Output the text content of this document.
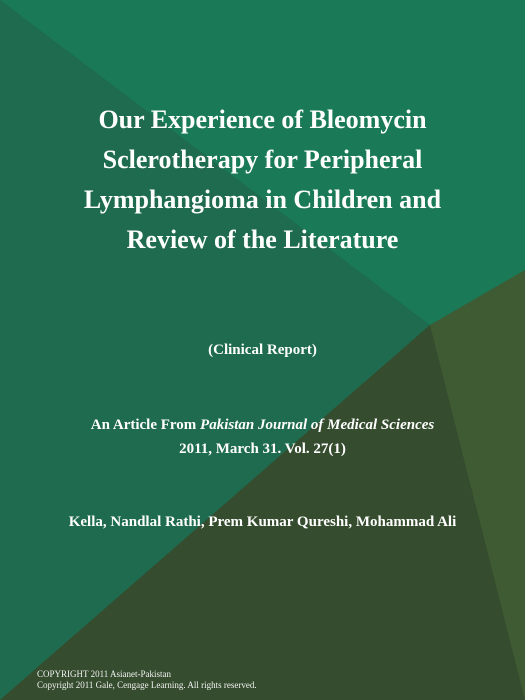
Our Experience of Bleomycin
Sclerotherapy for Peripheral
Lymphangioma in Children and
Review of the Literature
(Clinical Report)
An Article From Pakistan Journal of Medical Sciences
2011, March 31. Vol. 27(1)
Kella, Nandlal Rathi, Prem Kumar Qureshi, Mohammad Ali
COPYRIGHT 2011 Asianet-Pakistan
Copyright 2011 Gale, Cengage Learning. All rights reserved.
